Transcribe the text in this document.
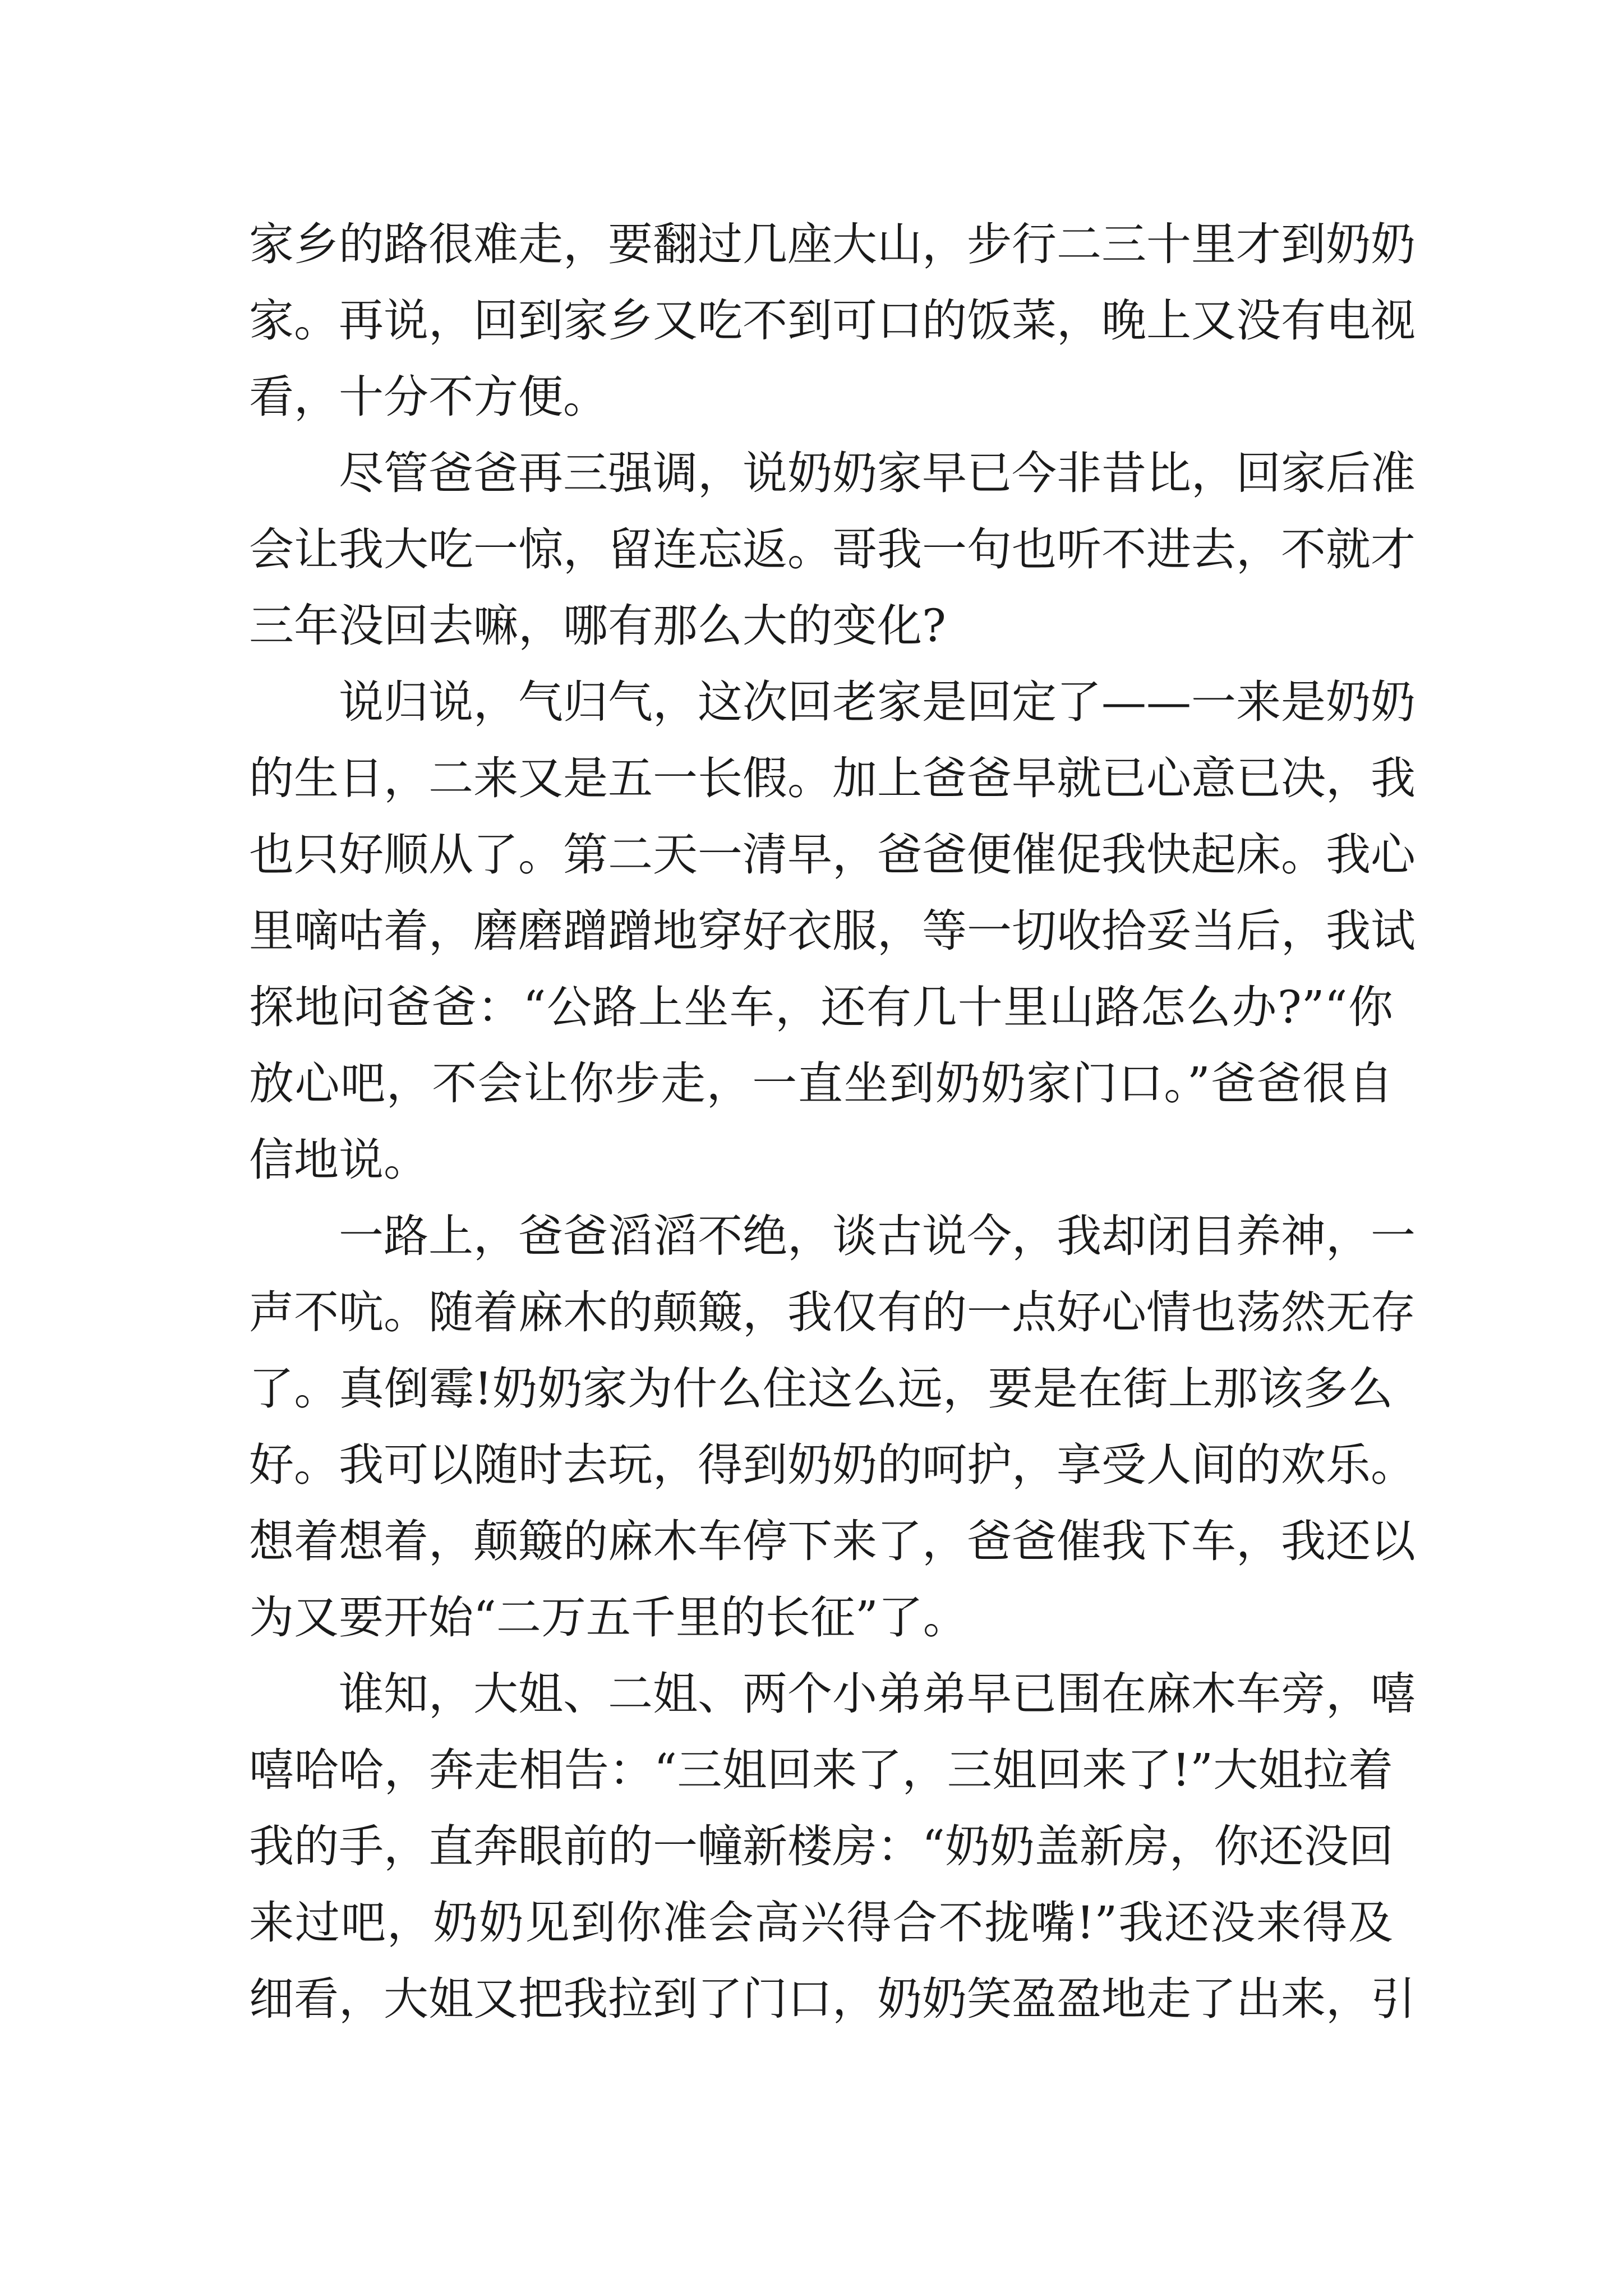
家乡的路很难走，要翻过几座大山，步行二三十里才到奶奶
家。再说，回到家乡又吃不到可口的饭菜，晚上又没有电视
看，十分不方便。
尽管爸爸再三强调，说奶奶家早已今非昔比，回家后准
会让我大吃一惊，留连忘返。哥我一句也听不进去，不就才
三年没回去嘛，哪有那么大的变化?
说归说，气归气，这次回老家是回定了——一来是奶奶
的生日，二来又是五一长假。加上爸爸早就已心意已决，我
也只好顺从了。第二天一清早，爸爸便催促我快起床。我心
里嘀咕着，磨磨蹭蹭地穿好衣服，等一切收拾妥当后，我试
探地问爸爸：“公路上坐车，还有几十里山路怎么办?”“你
放心吧，不会让你步走，一直坐到奶奶家门口。”爸爸很自
信地说。
一路上，爸爸滔滔不绝，谈古说今，我却闭目养神，一
声不吭。随着麻木的颠簸，我仅有的一点好心情也荡然无存
了。真倒霉!奶奶家为什么住这么远，要是在街上那该多么
好。我可以随时去玩，得到奶奶的呵护，享受人间的欢乐。
想着想着，颠簸的麻木车停下来了，爸爸催我下车，我还以
为又要开始“二万五千里的长征”了。
谁知，大姐、二姐、两个小弟弟早已围在麻木车旁，嘻
嘻哈哈，奔走相告：“三姐回来了，三姐回来了!”大姐拉着
我的手，直奔眼前的一幢新楼房：“奶奶盖新房，你还没回
来过吧，奶奶见到你准会高兴得合不拢嘴!”我还没来得及
细看，大姐又把我拉到了门口，奶奶笑盈盈地走了出来，引
